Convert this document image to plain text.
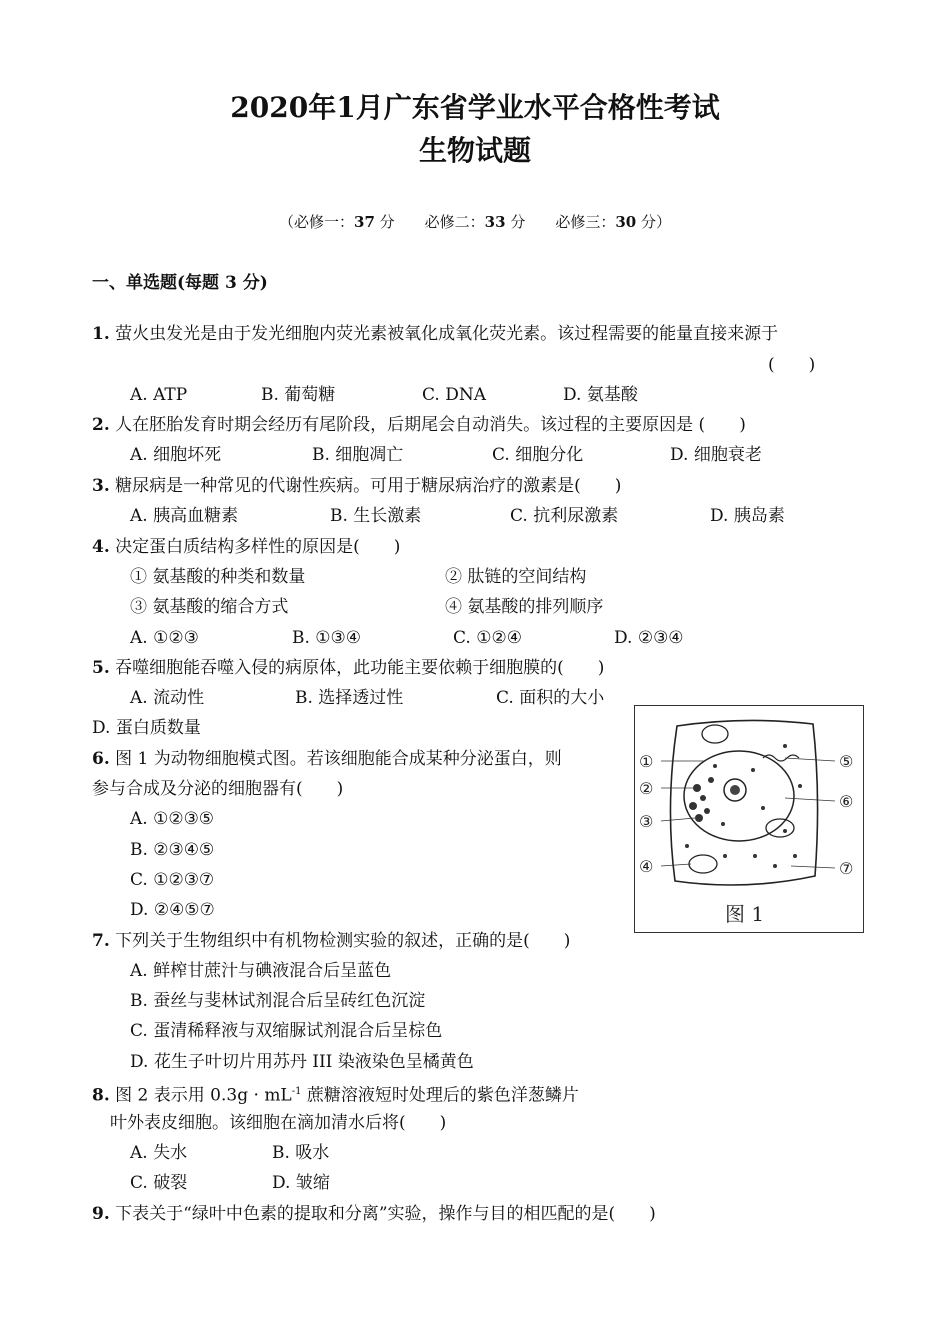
2020年1月广东省学业水平合格性考试
生物试题
（必修一：37 分　　必修二：33 分　　必修三：30 分）
一、单选题(每题 3 分)
1. 萤火虫发光是由于发光细胞内荧光素被氧化成氧化荧光素。该过程需要的能量直接来源于
(　　)
A. ATP	B. 葡萄糖	C. DNA	D. 氨基酸
2. 人在胚胎发育时期会经历有尾阶段，后期尾会自动消失。该过程的主要原因是 (　　)
A. 细胞坏死	B. 细胞凋亡	C. 细胞分化	D. 细胞衰老
3. 糖尿病是一种常见的代谢性疾病。可用于糖尿病治疗的激素是(　　)
A. 胰高血糖素	B. 生长激素	C. 抗利尿激素	D. 胰岛素
4. 决定蛋白质结构多样性的原因是(　　)
① 氨基酸的种类和数量	② 肽链的空间结构
③ 氨基酸的缩合方式	④ 氨基酸的排列顺序
A. ①②③	B. ①③④	C. ①②④	D. ②③④
5. 吞噬细胞能吞噬入侵的病原体，此功能主要依赖于细胞膜的(　　)
A. 流动性	B. 选择透过性	C. 面积的大小
D. 蛋白质数量
6. 图 1 为动物细胞模式图。若该细胞能合成某种分泌蛋白，则
参与合成及分泌的细胞器有(　　)
A. ①②③⑤
B. ②③④⑤
C. ①②③⑦
D. ②④⑤⑦
①
②
③
④
⑤
⑥
⑦
图 1
7. 下列关于生物组织中有机物检测实验的叙述，正确的是(　　)
A. 鲜榨甘蔗汁与碘液混合后呈蓝色
B. 蚕丝与斐林试剂混合后呈砖红色沉淀
C. 蛋清稀释液与双缩脲试剂混合后呈棕色
D. 花生子叶切片用苏丹 III 染液染色呈橘黄色
8. 图 2 表示用 $0.3g \cdot mL^{-1}$ 蔗糖溶液短时处理后的紫色洋葱鳞片
叶外表皮细胞。该细胞在滴加清水后将(　　)
A. 失水	B. 吸水
C. 破裂	D. 皱缩
9. 下表关于“绿叶中色素的提取和分离”实验，操作与目的相匹配的是(　　)
